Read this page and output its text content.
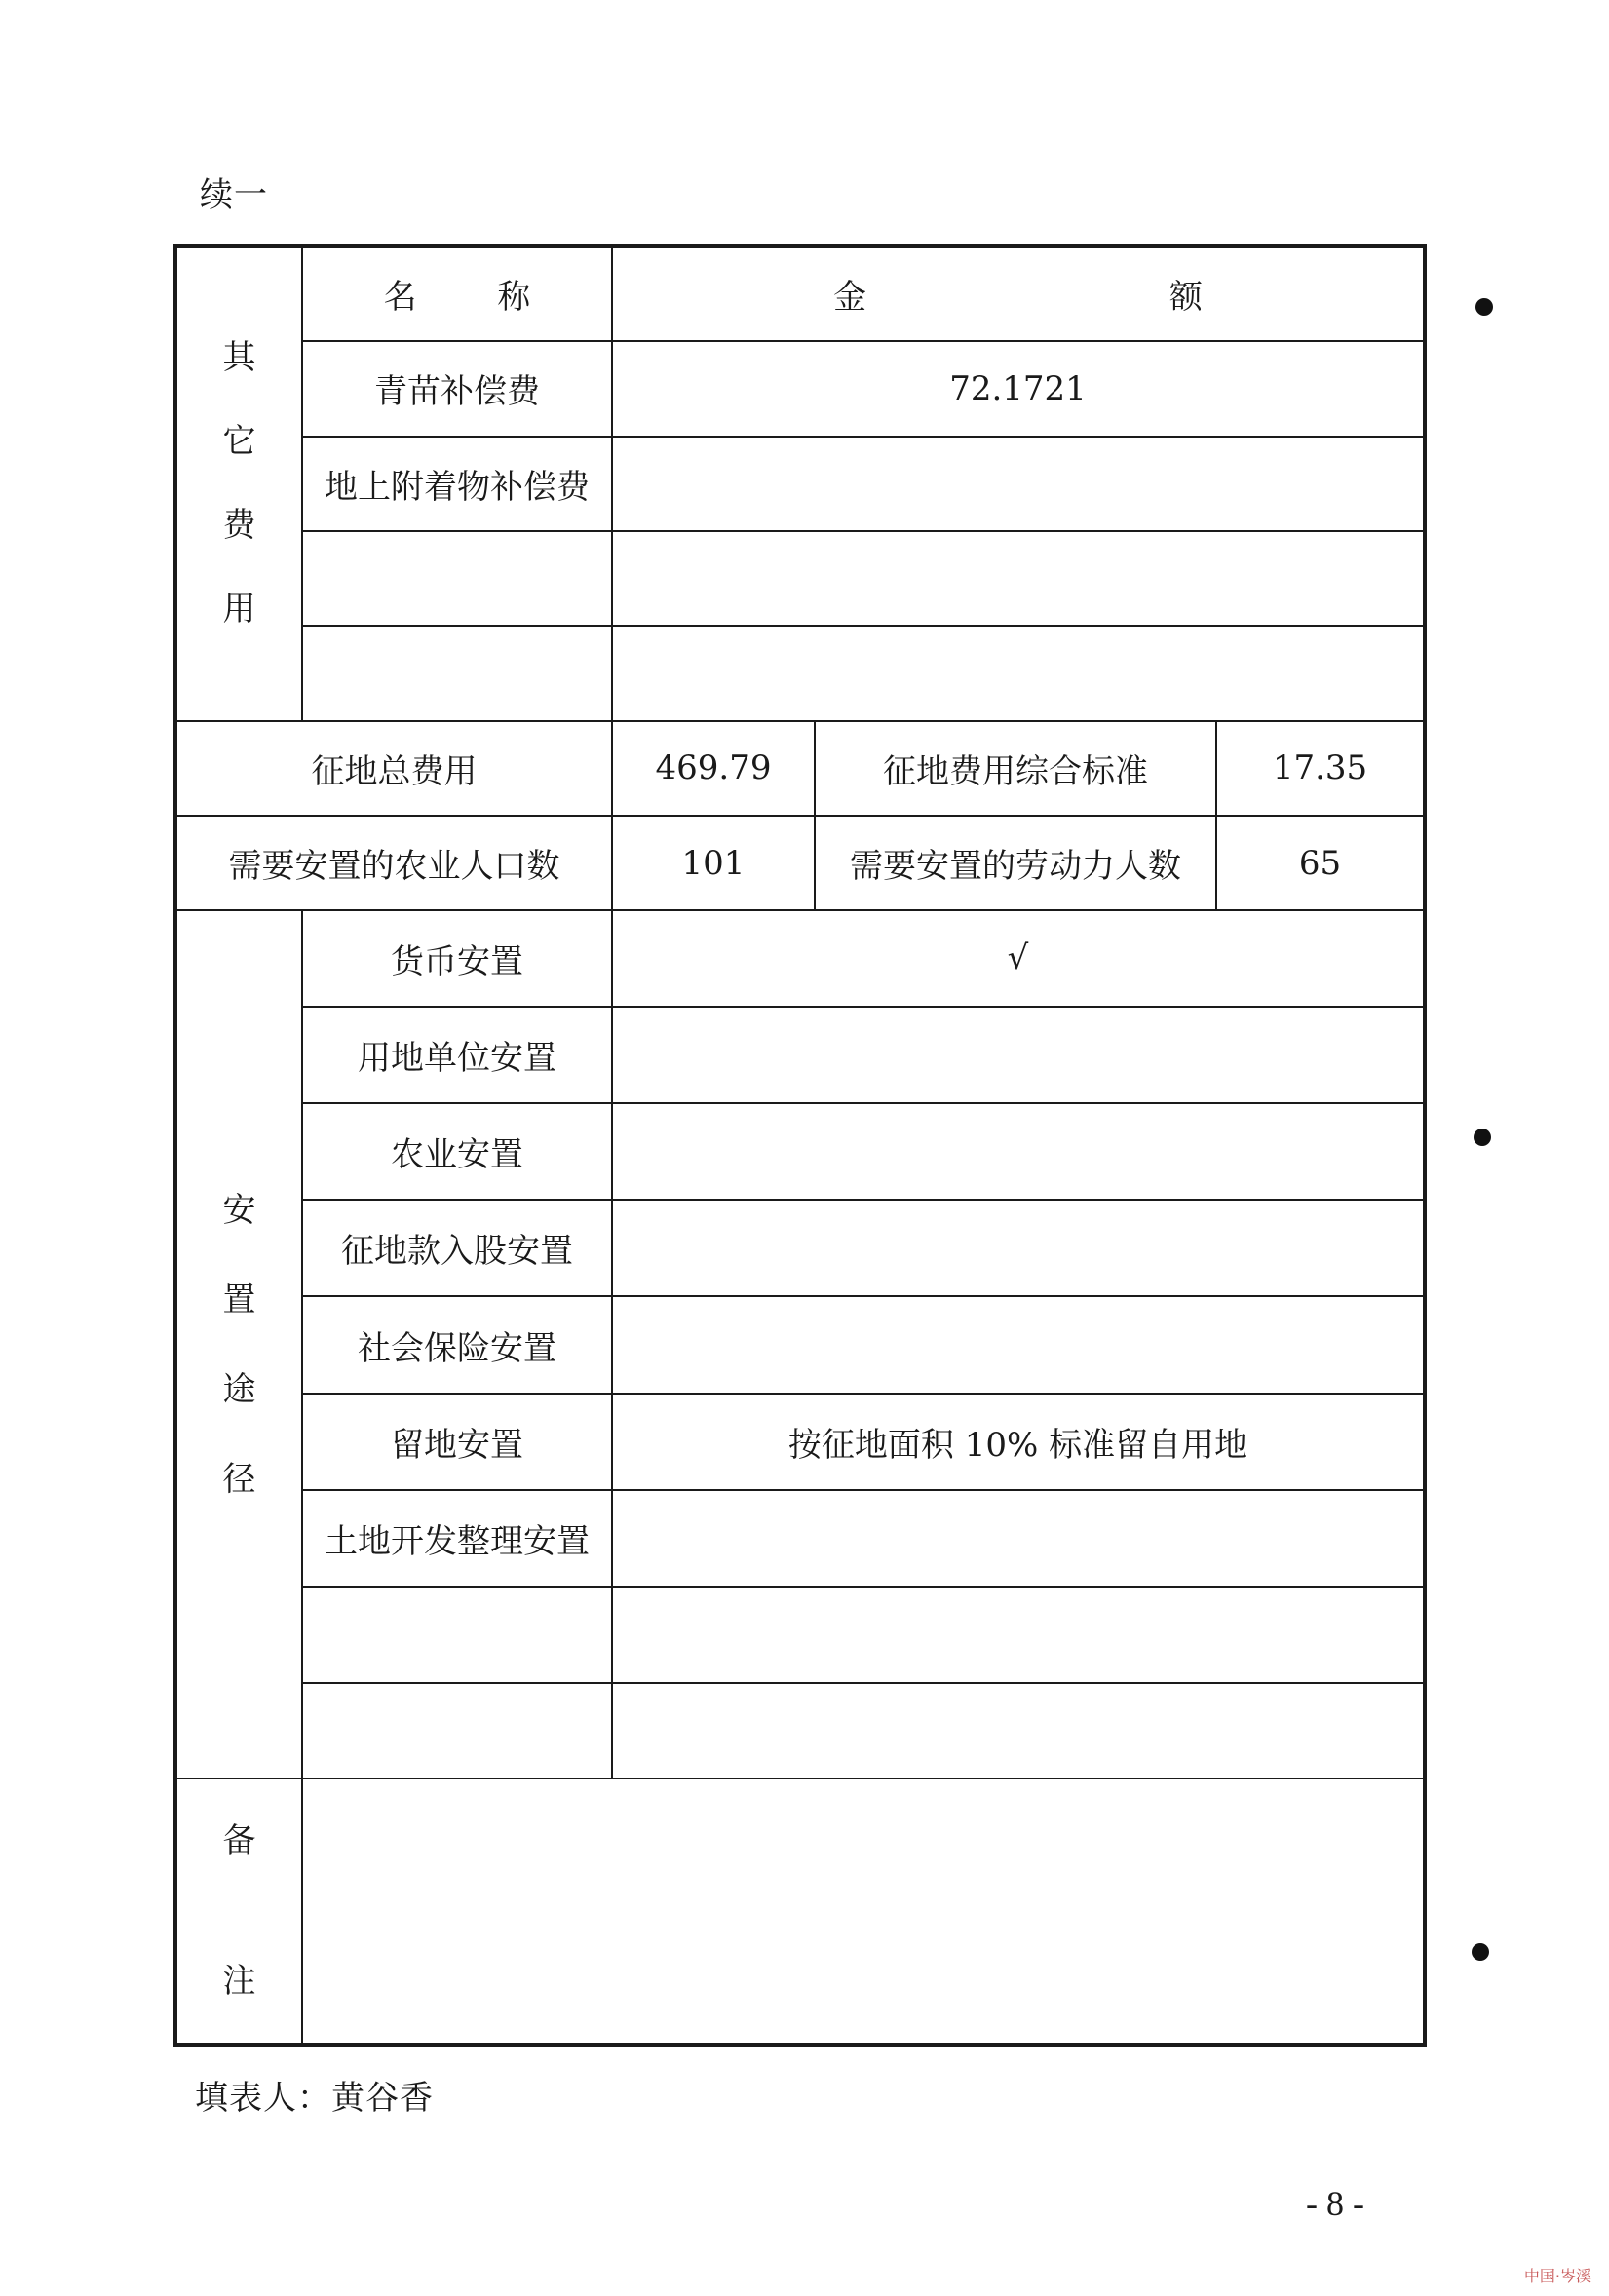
续一
其
它
费
用	名 称	金 额		
	青苗补偿费	72.1721		
	地上附着物补偿费			

征地总费用		469.79	征地费用综合标准	17.35
需要安置的农业人口数		101	需要安置的劳动力人数	65

安
置
途
径	货币安置	√		
	用地单位安置			
	农业安置			
	征地款入股安置			
	社会保险安置			
	留地安置	按征地面积 10% 标准留自用地		
	土地开发整理安置			

备
注				

填表人：黄谷香
- 8 -
中国·岑溪
